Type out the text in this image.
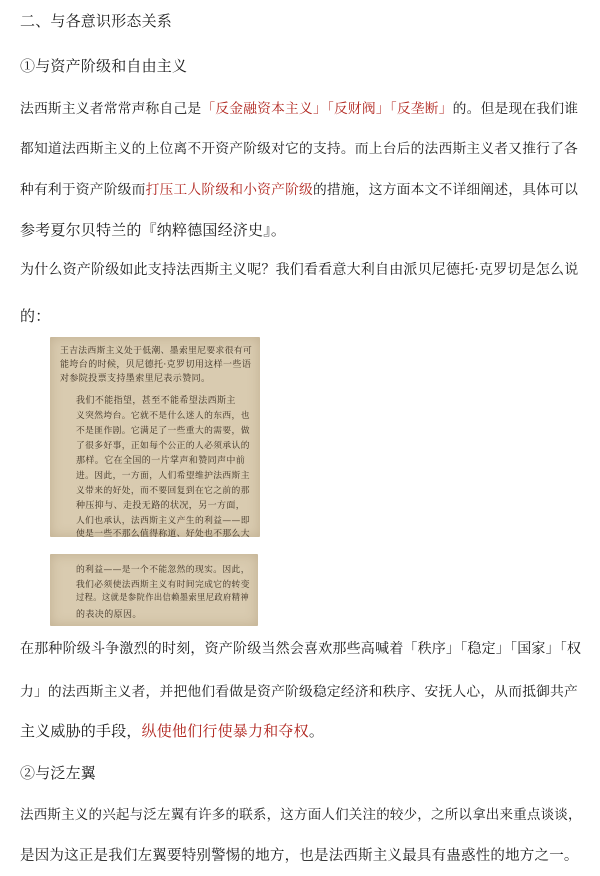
二、与各意识形态关系
①与资产阶级和自由主义
法西斯主义者常常声称自己是「反金融资本主义」「反财阀」「反垄断」的。但是现在我们谁
都知道法西斯主义的上位离不开资产阶级对它的支持。而上台后的法西斯主义者又推行了各
种有利于资产阶级而打压工人阶级和小资产阶级的措施，这方面本文不详细阐述，具体可以
参考夏尔贝特兰的『纳粹德国经济史』。
为什么资产阶级如此支持法西斯主义呢？我们看看意大利自由派贝尼德托·克罗切是怎么说
的：
王吉法西斯主义处于低潮、墨索里尼要求很有可
能垮台的时候，贝尼德托·克罗切用这样一些语
对参院投票支持墨索里尼表示赞同。
我们不能指望，甚至不能希望法西斯主
义突然垮台。它就不是什么迷人的东西，也
不是匪作剧。它满足了一些重大的需要，做
了很多好事，正如每个公正的人必须承认的
那样。它在全国的一片掌声和赞同声中前
进。因此，一方面，人们希望维护法西斯主
义带来的好处，而不要回复到在它之前的那
种压抑与、走投无路的状况，另一方面，
人们也承认，法西斯主义产生的利益——即
使是一些不那么值得称道、好处也不那么大
的利益——是一个不能忽然的现实。因此，
我们必须使法西斯主义有时间完成它的转变
过程。这就是参院作出信赖墨索里尼政府精神
的表决的原因。
在那种阶级斗争激烈的时刻，资产阶级当然会喜欢那些高喊着「秩序」「稳定」「国家」「权
力」的法西斯主义者，并把他们看做是资产阶级稳定经济和秩序、安抚人心，从而抵御共产
主义威胁的手段，纵使他们行使暴力和夺权。
②与泛左翼
法西斯主义的兴起与泛左翼有许多的联系，这方面人们关注的较少，之所以拿出来重点谈谈，
是因为这正是我们左翼要特别警惕的地方，也是法西斯主义最具有蛊惑性的地方之一。
